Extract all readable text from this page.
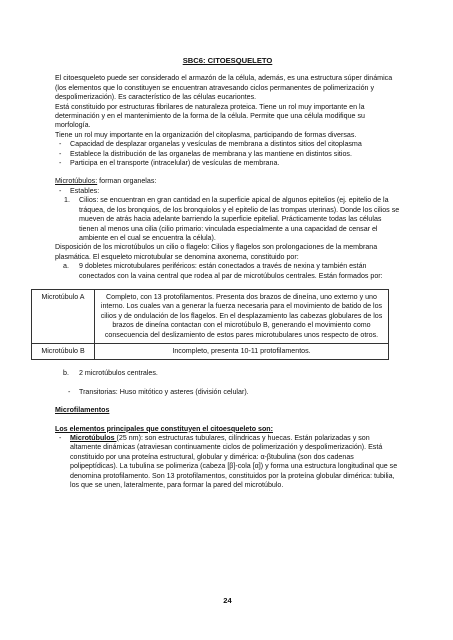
SBC6: CITOESQUELETO

El citoesqueleto puede ser considerado el armazón de la célula, además, es una estructura súper dinámica (los elementos que lo constituyen se encuentran atravesando ciclos permanentes de polimerización y despolimerización). Es característico de las células eucariontes.

Está constituido por estructuras fibrilares de naturaleza proteica. Tiene un rol muy importante en la determinación y en el mantenimiento de la forma de la célula. Permite que una célula modifique su morfología.

Tiene un rol muy importante en la organización del citoplasma, participando de formas diversas.

- Capacidad de desplazar organelas y vesículas de membrana a distintos sitios del citoplasma
- Establece la distribución de las organelas de membrana y las mantiene en distintos sitios.
- Participa en el transporte (intracelular) de vesículas de membrana.

Microtúbulos: forman organelas:

- Estables:

1. Cilios: se encuentran en gran cantidad en la superficie apical de algunos epitelios (ej. epitelio de la tráquea, de los bronquios, de los bronquiolos y el epitelio de las trompas uterinas). Donde los cilios se mueven de atrás hacia adelante barriendo la superficie epitelial. Prácticamente todas las células tienen al menos una cilia (cilio primario: vinculada especialmente a una capacidad de censar el ambiente en el cual se encuentra la célula).

Disposición de los microtúbulos un cilio o flagelo: Cilios y flagelos son prolongaciones de la membrana plasmática. El esqueleto microtubular se denomina axonema, constituido por:

a. 9 dobletes microtubulares periféricos: están conectados a través de nexina y también están conectados con la vaina central que rodea al par de microtúbulos centrales. Están formados por:

Microtúbulo A	Completo, con 13 protofilamentos. Presenta dos brazos de dineína, uno externo y uno interno. Los cuales van a generar la fuerza necesaria para el movimiento de batido de los cilios y de ondulación de los flagelos. En el desplazamiento las cabezas globulares de los brazos de dineína contactan con el microtúbulo B, generando el movimiento como consecuencia del deslizamiento de estos pares microtubulares unos respecto de otros.
Microtúbulo B	Incompleto, presenta 10-11 protofilamentos.

b. 2 microtúbulos centrales.

- Transitorias: Huso mitótico y asteres (división celular).

Microfilamentos

Los elementos principales que constituyen el citoesqueleto son:

- Microtúbulos (25 nm): son estructuras tubulares, cilíndricas y huecas. Están polarizadas y son altamente dinámicas (atraviesan continuamente ciclos de polimerización y despolimerización). Está constituido por una proteína estructural, globular y dimérica: α-βtubulina (son dos cadenas polipeptídicas). La tubulina se polimeriza (cabeza [β]-cola [α]) y forma una estructura longitudinal que se denomina protofilamento. Son 13 protofilamentos, constituidos por la proteína globular dimérica: tubilia, los que se unen, lateralmente, para formar la pared del microtúbulo.
24
